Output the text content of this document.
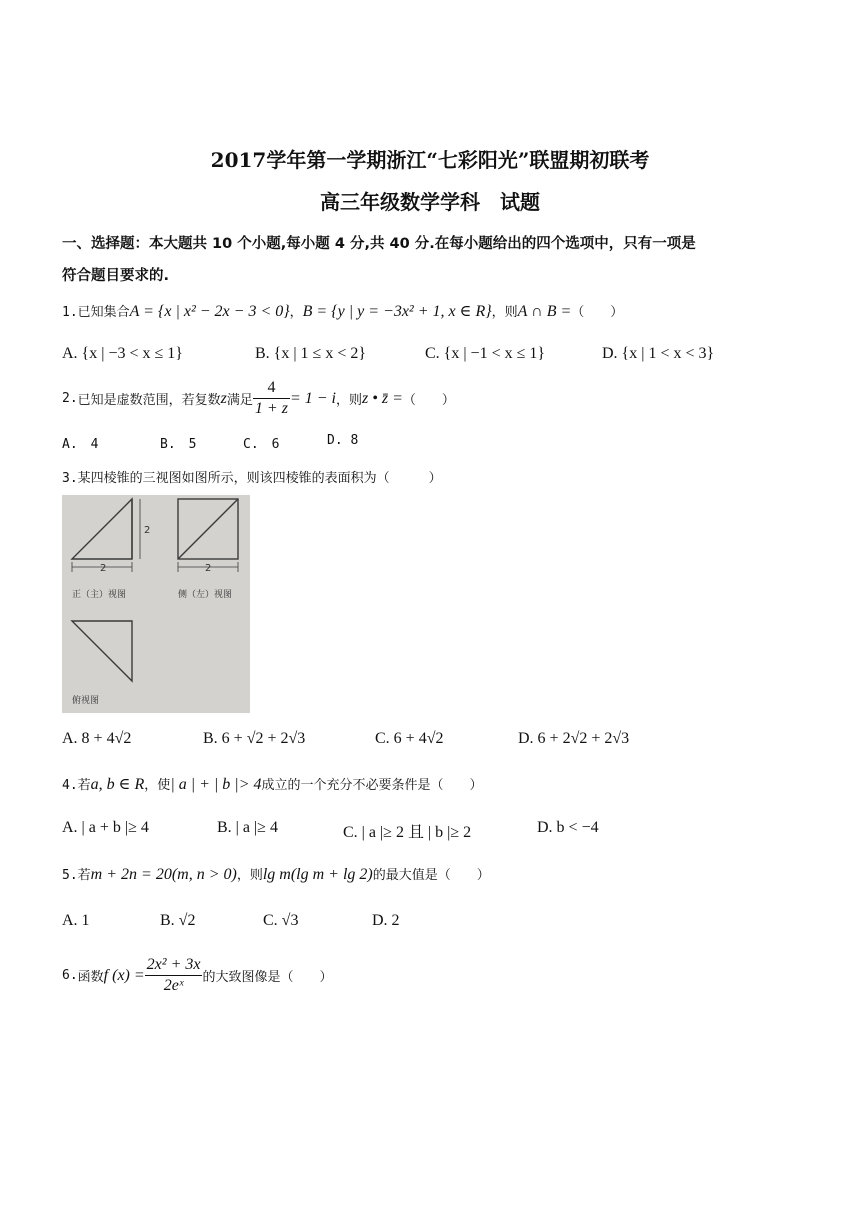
2017学年第一学期浙江“七彩阳光”联盟期初联考
高三年级数学学科　试题
一、选择题：本大题共 10 个小题,每小题 4 分,共 40 分.在每小题给出的四个选项中，只有一项是
符合题目要求的.
1.已知集合A = {x | x² − 2x − 3 < 0}，B = {y | y = −3x² + 1, x ∈ R}，则A ∩ B =（　　）
A. {x | −3 < x ≤ 1}	B. {x | 1 ≤ x < 2}	C. {x | −1 < x ≤ 1}	D. {x | 1 < x < 3}
2. 已知是虚数范围，若复数 z 满足 $\frac{4}{1 + z} = 1 - i$ ，则 z • z̄ = （　　）
A.　4	B.　5	C.　6	D. 8
3.某四棱锥的三视图如图所示，则该四棱锥的表面积为（　　　）
2
2
2
正（主）视图	侧（左）视图
俯视图
A. 8 + 4√2	B. 6 + √2 + 2√3	C. 6 + 4√2	D. 6 + 2√2 + 2√3
4.若a, b ∈ R，使| a | + | b |> 4成立的一个充分不必要条件是（　　）
A. | a + b |≥ 4	B. | a |≥ 4	C. | a |≥ 2 且 | b |≥ 2	D. b < −4
5.若m + 2n = 20(m, n > 0)，则lg m(lg m + lg 2)的最大值是（　　）
A. 1	B. √2	C. √3	D. 2
6. 函数 f $(x) = \frac{\text{2x² + 3x}}{\text{2eˣ}}$ 的大致图像是（　　）
